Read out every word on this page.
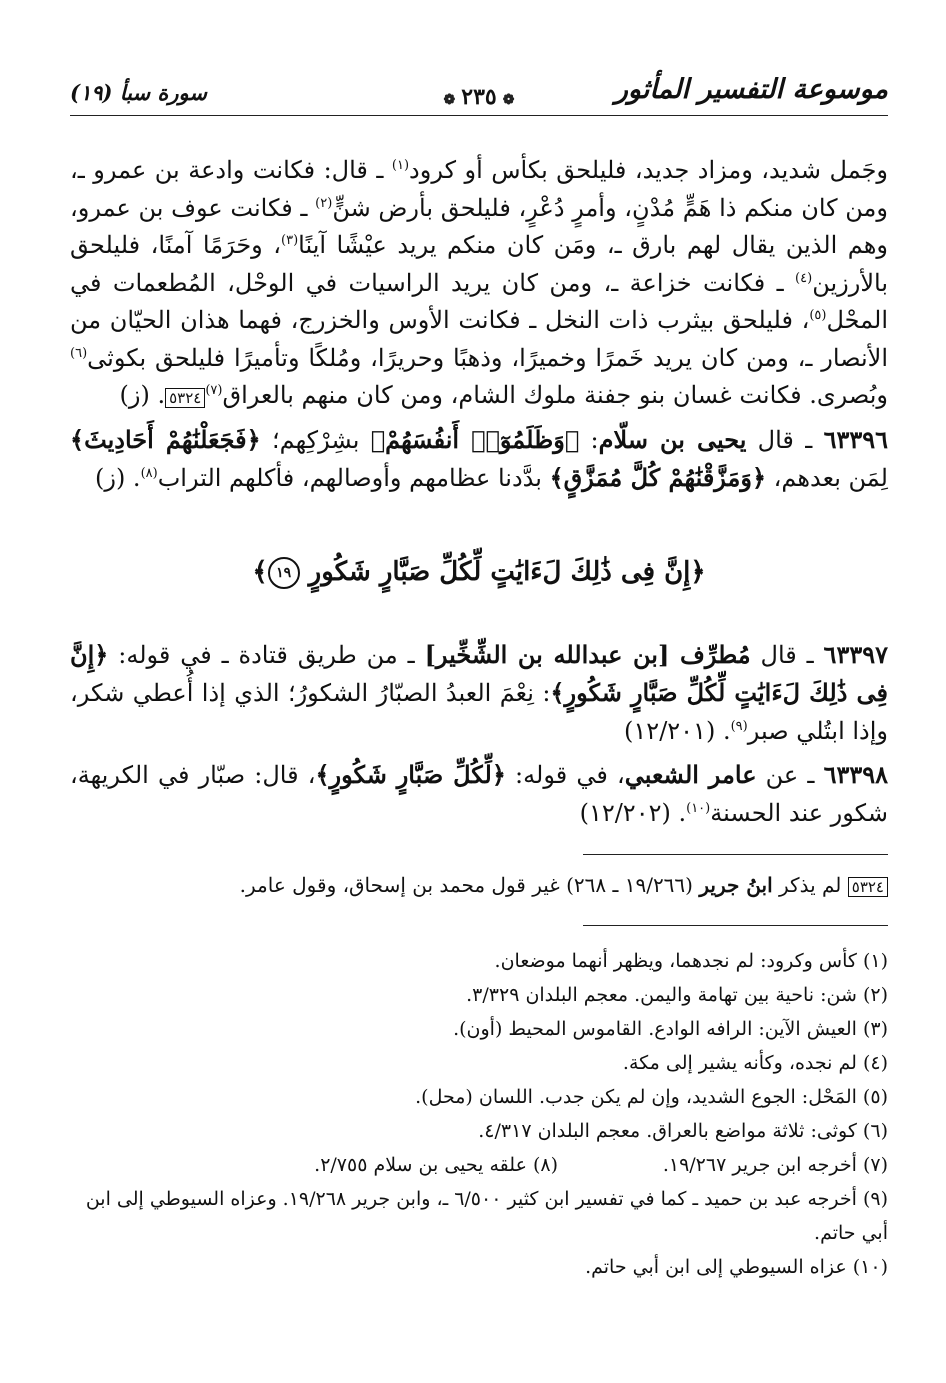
موسوعة التفسير المأثور
❁٢٣٥❁
سورة سبأ (١٩)

وجَمل شديد، ومزاد جديد، فليلحق بكأس أو كرود$^{(١)}$ ـ قال: فكانت وادعة بن عمرو ـ، ومن كان منكم ذا هَمٍّ مُدْنٍ، وأمرٍ دُعْرٍ، فليلحق بأرض شنٍّ$^{(٢)}$ ـ فكانت عوف بن عمرو، وهم الذين يقال لهم بارق ـ، ومَن كان منكم يريد عيْشًا آينًا$^{(٣)}$، وحَرَمًا آمنًا، فليلحق بالأرزين$^{(٤)}$ ـ فكانت خزاعة ـ، ومن كان يريد الراسيات في الوحْل، المُطعمات في المحْل$^{(٥)}$، فليلحق بيثرب ذات النخل ـ فكانت الأوس والخزرج، فهما هذان الحيّان من الأنصار ـ، ومن كان يريد خَمرًا وخميرًا، وذهبًا وحريرًا، ومُلكًا وتأميرًا فليلحق بكوثى$^{(٦)}$ وبُصرى. فكانت غسان بنو جفنة ملوك الشام، ومن كان منهم بالعراق$^{(٧)}$٥٣٢٤. (ز)

٦٣٣٩٦ ـ قال يحيى بن سلّام: ﴿وَظَلَمُوٓا۟ أَنفُسَهُمْ﴾ بشِرْكِهم؛ ﴿فَجَعَلْنَٰهُمْ أَحَادِيثَ﴾ لِمَن بعدهم، ﴿وَمَزَّقْنَٰهُمْ كُلَّ مُمَزَّقٍ﴾ بدَّدنا عظامهم وأوصالهم، فأكلهم التراب$^{(٨)}$. (ز)

﴿إِنَّ فِى ذَٰلِكَ لَءَايَٰتٍ لِّكُلِّ صَبَّارٍ شَكُورٍ ١٩﴾

٦٣٣٩٧ ـ قال مُطرِّف [بن عبدالله بن الشِّخِّير] ـ من طريق قتادة ـ في قوله: ﴿إِنَّ فِى ذَٰلِكَ لَءَايَٰتٍ لِّكُلِّ صَبَّارٍ شَكُورٍ﴾: نِعْمَ العبدُ الصبّارُ الشكورُ؛ الذي إذا أُعطي شكر، وإذا ابتُلي صبر$^{(٩)}$. (١٢/٢٠١)

٦٣٣٩٨ ـ عن عامر الشعبي، في قوله: ﴿لِّكُلِّ صَبَّارٍ شَكُورٍ﴾، قال: صبّار في الكريهة، شكور عند الحسنة$^{(١٠)}$. (١٢/٢٠٢)

٥٣٢٤ لم يذكر ابنُ جرير (١٩/٢٦٦ ـ ٢٦٨) غير قول محمد بن إسحاق، وقول عامر.

(١) كأس وكرود: لم نجدهما، ويظهر أنهما موضعان.

(٢) شن: ناحية بين تهامة واليمن. معجم البلدان ٣/٣٢٩.

(٣) العيش الآين: الرافه الوادع. القاموس المحيط (أون).

(٤) لم نجده، وكأنه يشير إلى مكة.

(٥) المَحْل: الجوع الشديد، وإن لم يكن جدب. اللسان (محل).

(٦) كوثى: ثلاثة مواضع بالعراق. معجم البلدان ٤/٣١٧.

(٧) أخرجه ابن جرير ١٩/٢٦٧.

(٨) علقه يحيى بن سلام ٢/٧٥٥.

(٩) أخرجه عبد بن حميد ـ كما في تفسير ابن كثير ٦/٥٠٠ ـ، وابن جرير ١٩/٢٦٨. وعزاه السيوطي إلى ابن أبي حاتم.

(١٠) عزاه السيوطي إلى ابن أبي حاتم.
